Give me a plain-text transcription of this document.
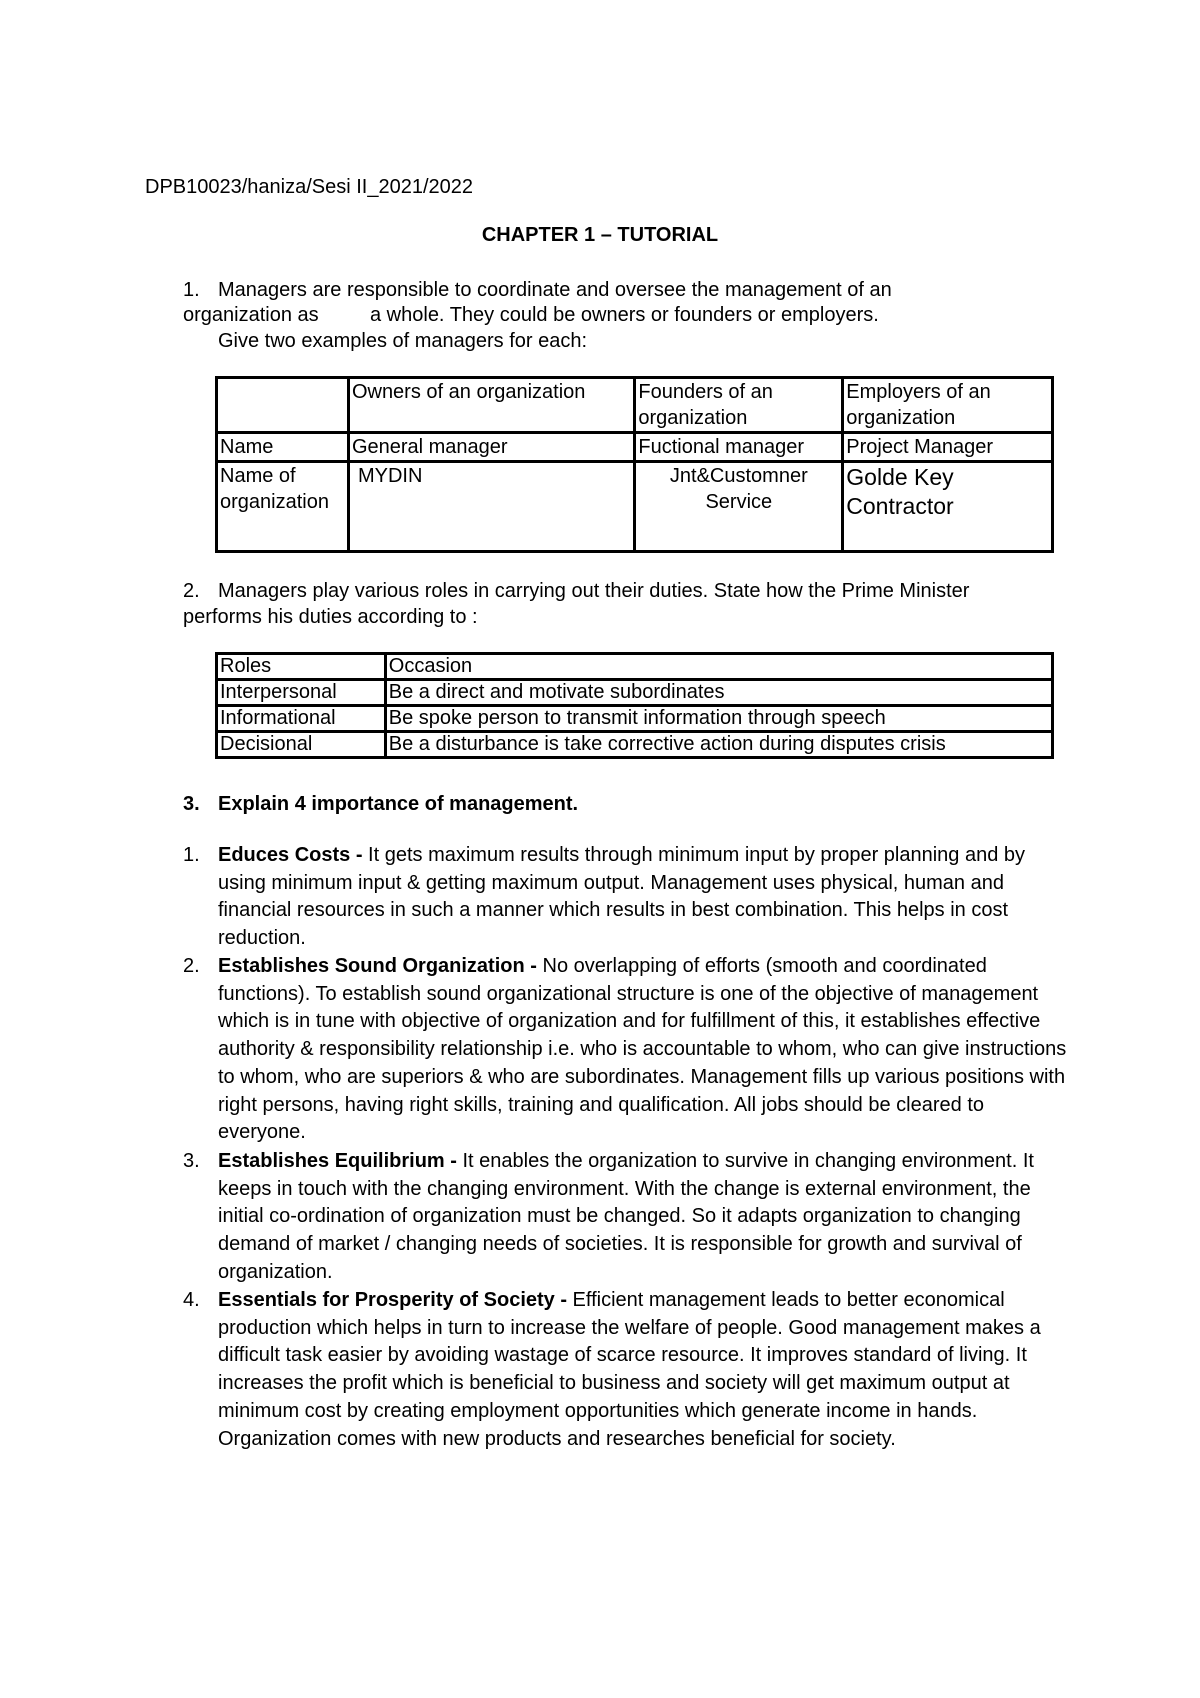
DPB10023/haniza/Sesi II_2021/2022
CHAPTER 1 – TUTORIAL
1. Managers are responsible to coordinate and oversee the management of an
organization as	a whole. They could be owners or founders or employers.
Give two examples of managers for each:
	Owners of an organization	Founders of an organization	Employers of an organization
Name	General manager	Fuctional manager	Project Manager
Name of organization	MYDIN	Jnt&Customner Service	Golde Key Contractor
2. Managers play various roles in carrying out their duties. State how the Prime Minister
performs his duties according to :
Roles	Occasion
Interpersonal	Be a direct and motivate subordinates
Informational	Be spoke person to transmit information through speech
Decisional	Be a disturbance is take corrective action during disputes crisis
3. Explain 4 importance of management.
1. Educes Costs - It gets maximum results through minimum input by proper planning and by using minimum input & getting maximum output. Management uses physical, human and financial resources in such a manner which results in best combination. This helps in cost reduction.
2. Establishes Sound Organization - No overlapping of efforts (smooth and coordinated functions). To establish sound organizational structure is one of the objective of management which is in tune with objective of organization and for fulfillment of this, it establishes effective authority & responsibility relationship i.e. who is accountable to whom, who can give instructions to whom, who are superiors & who are subordinates. Management fills up various positions with right persons, having right skills, training and qualification. All jobs should be cleared to everyone.
3. Establishes Equilibrium - It enables the organization to survive in changing environment. It keeps in touch with the changing environment. With the change is external environment, the initial co-ordination of organization must be changed. So it adapts organization to changing demand of market / changing needs of societies. It is responsible for growth and survival of organization.
4. Essentials for Prosperity of Society - Efficient management leads to better economical production which helps in turn to increase the welfare of people. Good management makes a difficult task easier by avoiding wastage of scarce resource. It improves standard of living. It increases the profit which is beneficial to business and society will get maximum output at minimum cost by creating employment opportunities which generate income in hands. Organization comes with new products and researches beneficial for society.
